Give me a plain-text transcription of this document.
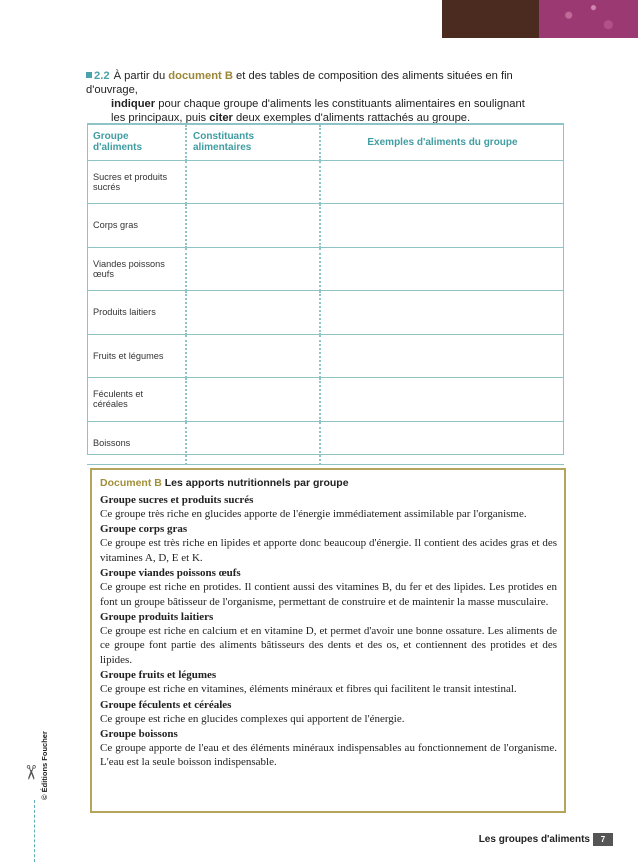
2.2 À partir du document B et des tables de composition des aliments situées en fin d'ouvrage,
indiquer pour chaque groupe d'aliments les constituants alimentaires en soulignant
les principaux, puis citer deux exemples d'aliments rattachés au groupe.
Groupe d'aliments	Constituants alimentaires	Exemples d'aliments du groupe
Sucres et produits sucrés		
Corps gras		
Viandes poissons œufs		
Produits laitiers		
Fruits et légumes		
Féculents et céréales		
Boissons		
Document B Les apports nutritionnels par groupe
Groupe sucres et produits sucrés
Ce groupe très riche en glucides apporte de l'énergie immédiatement assimilable par l'organisme.
Groupe corps gras
Ce groupe est très riche en lipides et apporte donc beaucoup d'énergie. Il contient des acides gras et des vitamines A, D, E et K.
Groupe viandes poissons œufs
Ce groupe est riche en protides. Il contient aussi des vitamines B, du fer et des lipides. Les protides en font un groupe bâtisseur de l'organisme, permettant de construire et de maintenir la masse musculaire.
Groupe produits laitiers
Ce groupe est riche en calcium et en vitamine D, et permet d'avoir une bonne ossature. Les aliments de ce groupe font partie des aliments bâtisseurs des dents et des os, et contiennent des protides et des lipides.
Groupe fruits et légumes
Ce groupe est riche en vitamines, éléments minéraux et fibres qui facilitent le transit intestinal.
Groupe féculents et céréales
Ce groupe est riche en glucides complexes qui apportent de l'énergie.
Groupe boissons
Ce groupe apporte de l'eau et des éléments minéraux indispensables au fonctionnement de l'organisme. L'eau est la seule boisson indispensable.
© Éditions Foucher
✂
Les groupes d'aliments	7
